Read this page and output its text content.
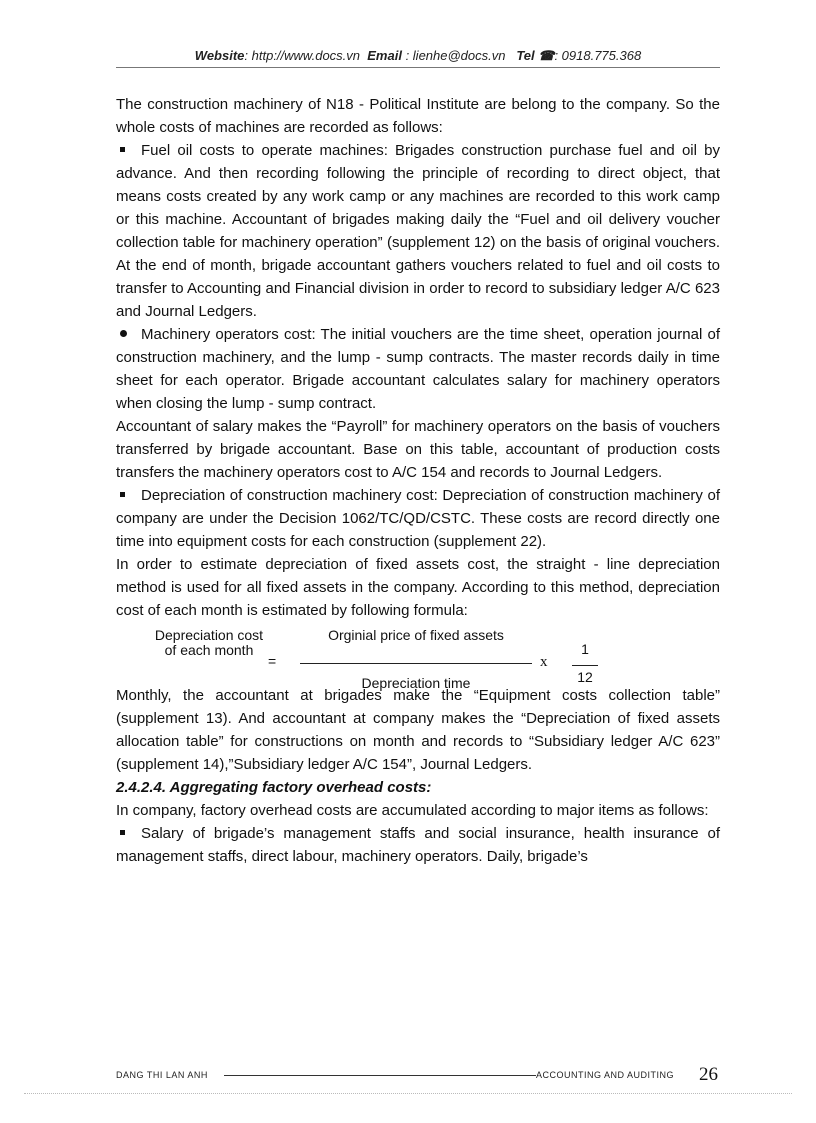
Website: http://www.docs.vn Email : lienhe@docs.vn Tel ☎: 0918.775.368

The construction machinery of N18 - Political Institute are belong to the company. So the whole costs of machines are recorded as follows:

Fuel oil costs to operate machines: Brigades construction purchase fuel and oil by advance. And then recording following the principle of recording to direct object, that means costs created by any work camp or any machines are recorded to this work camp or this machine. Accountant of brigades making daily the “Fuel and oil delivery voucher collection table for machinery operation” (supplement 12) on the basis of original vouchers. At the end of month, brigade accountant gathers vouchers related to fuel and oil costs to transfer to Accounting and Financial division in order to record to subsidiary ledger A/C 623 and Journal Ledgers.

Machinery operators cost: The initial vouchers are the time sheet, operation journal of construction machinery, and the lump - sump contracts. The master records daily in time sheet for each operator. Brigade accountant calculates salary for machinery operators when closing the lump - sump contract.

Accountant of salary makes the “Payroll” for machinery operators on the basis of vouchers transferred by brigade accountant. Base on this table, accountant of production costs transfers the machinery operators cost to A/C 154 and records to Journal Ledgers.

Depreciation of construction machinery cost: Depreciation of construction machinery of company are under the Decision 1062/TC/QD/CSTC. These costs are record directly one time into equipment costs for each construction (supplement 22).

In order to estimate depreciation of fixed assets cost, the straight - line depreciation method is used for all fixed assets in the company. According to this method, depreciation cost of each month is estimated by following formula:

Depreciation cost of each month
=
Orginial price of fixed assets
Depreciation time
x
1
12

Monthly, the accountant at brigades make the “Equipment costs collection table” (supplement 13). And accountant at company makes the “Depreciation of fixed assets allocation table” for constructions on month and records to “Subsidiary ledger A/C 623” (supplement 14),”Subsidiary ledger A/C 154”, Journal Ledgers.

2.4.2.4. Aggregating factory overhead costs:

In company, factory overhead costs are accumulated according to major items as follows:

Salary of brigade’s management staffs and social insurance, health insurance of management staffs, direct labour, machinery operators. Daily, brigade’s

DANG THI LAN ANH	ACCOUNTING AND AUDITING 26
